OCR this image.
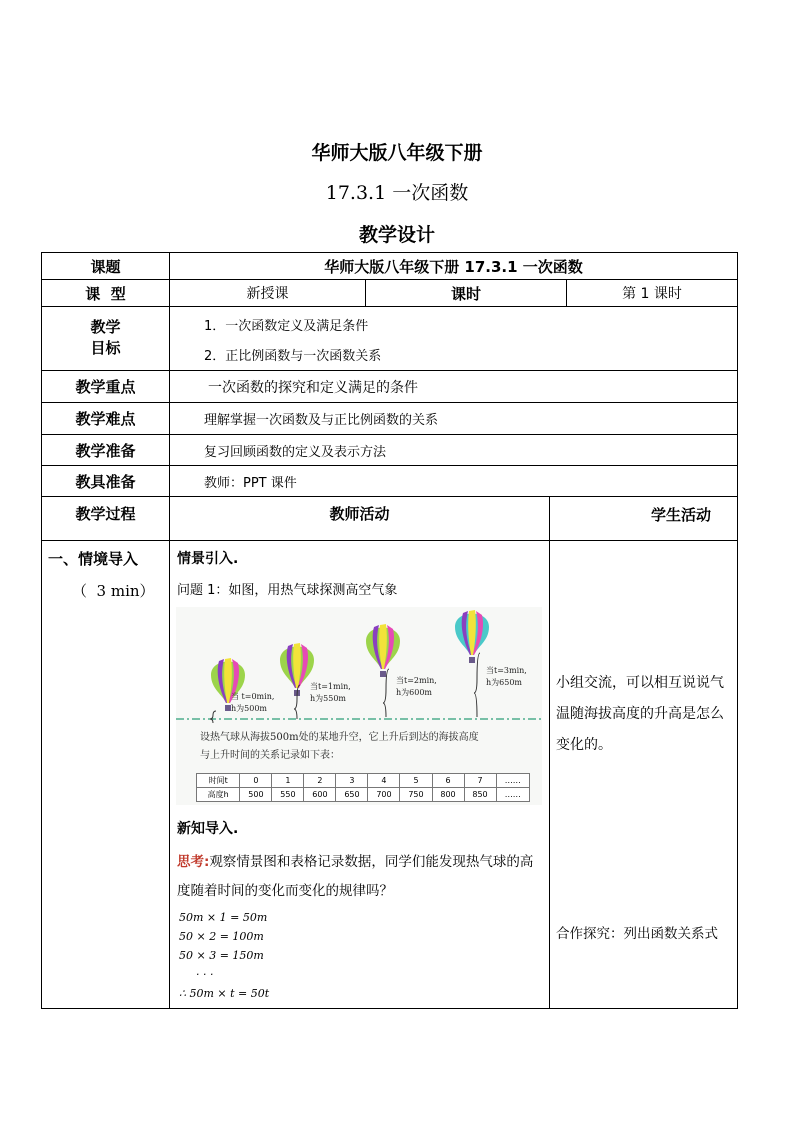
华师大版八年级下册
17.3.1 一次函数
教学设计
课题	华师大版八年级下册 17.3.1 一次函数
课  型	新授课	课时	第 1 课时
教学
目标
1．一次函数定义及满足条件
2．正比例函数与一次函数关系
教学重点	一次函数的探究和定义满足的条件
教学难点	理解掌握一次函数及与正比例函数的关系
教学准备	复习回顾函数的定义及表示方法
教具准备	教师：PPT 课件
教学过程	教师活动	学生活动
一、情境导入
（  3 min）
情景引入.
问题 1：如图，用热气球探测高空气象
当 t=0min,
h为500m
当t=1min,
h为550m
当t=2min,
h为600m
当t=3min,
h为650m
设热气球从海拔500m处的某地升空，它上升后到达的海拔高度
与上升时间的关系记录如下表：
时间t	0	1	2	3	4	5	6	7	……
高度h	500	550	600	650	700	750	800	850	……
新知导入.
思考:观察情景图和表格记录数据，同学们能发现热气球的高度随着时间的变化而变化的规律吗？
50m × 1 = 50m
50 × 2 = 100m
50 × 3 = 150m
· · ·
∴ 50m × t = 50t
小组交流，可以相互说说气温随海拔高度的升高是怎么变化的。
合作探究：列出函数关系式
